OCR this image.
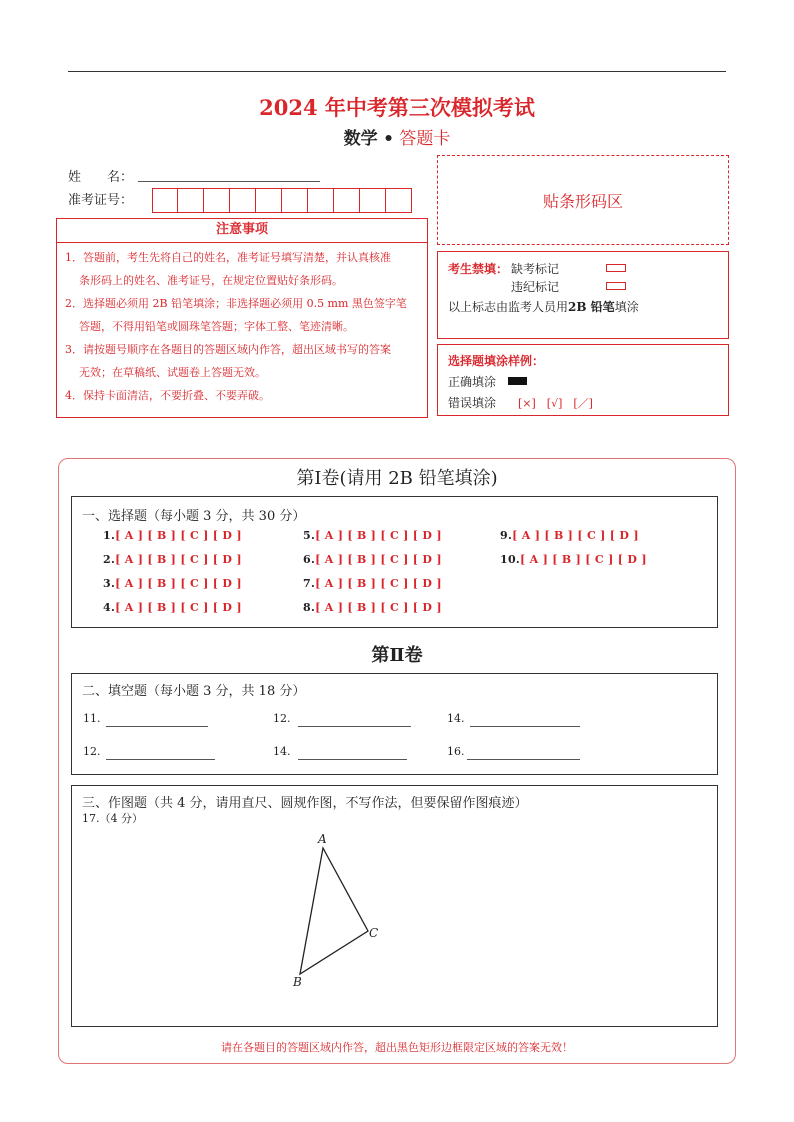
2024 年中考第三次模拟考试
数学 • 答题卡
姓　　名：
准考证号：	贴条形码区
注意事项
1．答题前，考生先将自己的姓名，准考证号填写清楚，并认真核准
条形码上的姓名、准考证号，在规定位置贴好条形码。
2．选择题必须用 2B 铅笔填涂；非选择题必须用 0.5 mm 黑色签字笔
答题，不得用铅笔或圆珠笔答题；字体工整、笔迹清晰。
3．请按题号顺序在各题目的答题区域内作答，超出区域书写的答案
无效；在草稿纸、试题卷上答题无效。
4．保持卡面清洁，不要折叠、不要弄破。
考生禁填： 缺考标记
违纪标记
以上标志由监考人员用2B 铅笔填涂
选择题填涂样例：
正确填涂
错误填涂 [×]　[√]　[／]
第Ⅰ卷(请用 2B 铅笔填涂)
一、选择题（每小题 3 分，共 30 分）
1.[ A ] [ B ] [ C ] [ D ]
2.[ A ] [ B ] [ C ] [ D ]
3.[ A ] [ B ] [ C ] [ D ]
4.[ A ] [ B ] [ C ] [ D ]
5.[ A ] [ B ] [ C ] [ D ]
6.[ A ] [ B ] [ C ] [ D ]
7.[ A ] [ B ] [ C ] [ D ]
8.[ A ] [ B ] [ C ] [ D ]
9.[ A ] [ B ] [ C ] [ D ]
10.[ A ] [ B ] [ C ] [ D ]
第Ⅱ卷
二、填空题（每小题 3 分，共 18 分）
11.	12.	14.
12.	14.	16.
三、作图题（共 4 分，请用直尺、圆规作图，不写作法，但要保留作图痕迹）
17.（4 分）
A
B
C
请在各题目的答题区域内作答，超出黑色矩形边框限定区域的答案无效！
